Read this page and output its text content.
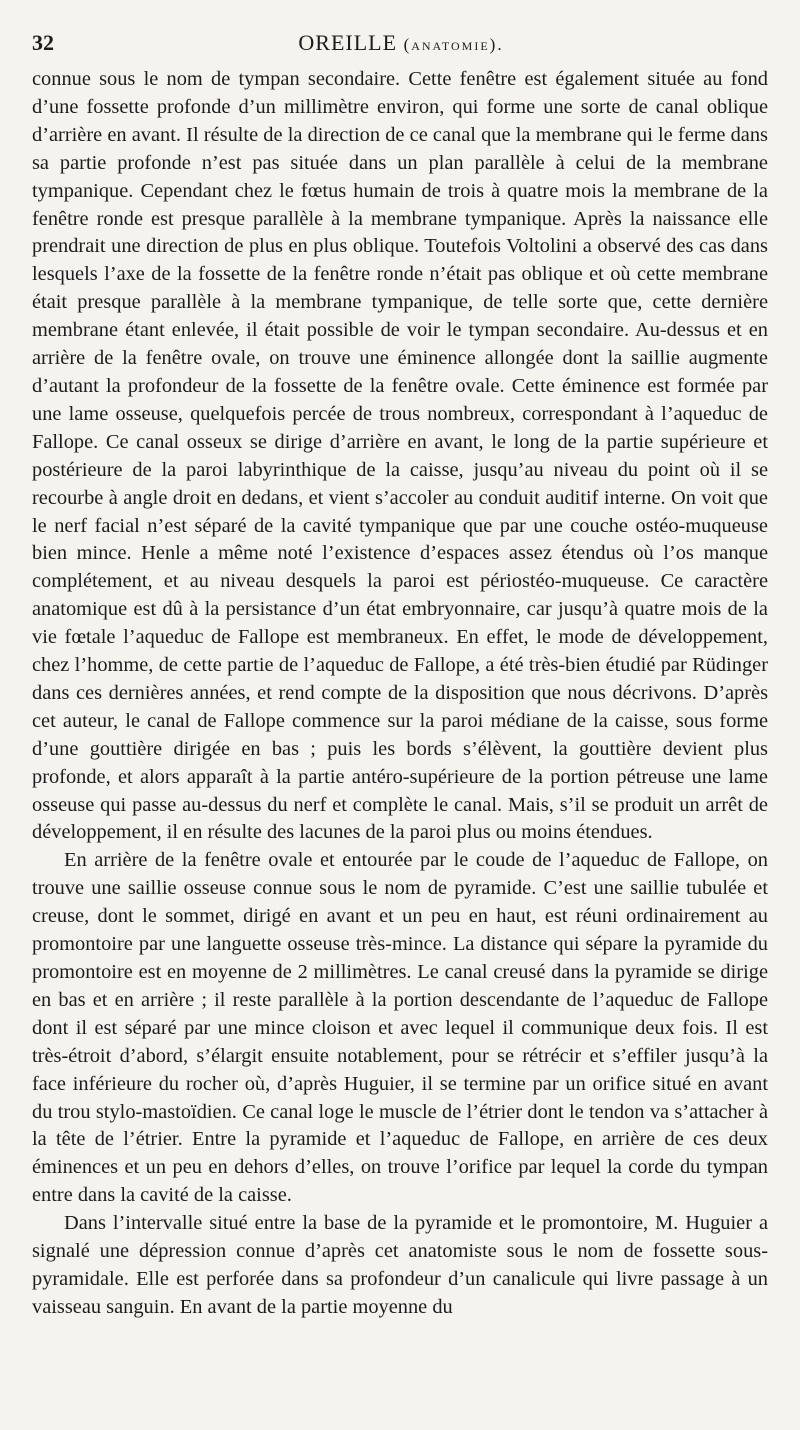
32	OREILLE (anatomie).

connue sous le nom de tympan secondaire. Cette fenêtre est également située au fond d’une fossette profonde d’un millimètre environ, qui forme une sorte de canal oblique d’arrière en avant. Il résulte de la direction de ce canal que la membrane qui le ferme dans sa partie profonde n’est pas située dans un plan parallèle à celui de la membrane tympanique. Cependant chez le fœtus humain de trois à quatre mois la membrane de la fenêtre ronde est presque parallèle à la membrane tympanique. Après la naissance elle prendrait une direction de plus en plus oblique. Toutefois Voltolini a observé des cas dans lesquels l’axe de la fossette de la fenêtre ronde n’était pas oblique et où cette membrane était presque parallèle à la membrane tympanique, de telle sorte que, cette dernière membrane étant enlevée, il était possible de voir le tympan secondaire. Au-dessus et en arrière de la fenêtre ovale, on trouve une éminence allongée dont la saillie augmente d’autant la profondeur de la fossette de la fenêtre ovale. Cette éminence est formée par une lame osseuse, quelquefois percée de trous nombreux, correspondant à l’aqueduc de Fallope. Ce canal osseux se dirige d’arrière en avant, le long de la partie supérieure et postérieure de la paroi labyrinthique de la caisse, jusqu’au niveau du point où il se recourbe à angle droit en dedans, et vient s’accoler au conduit auditif interne. On voit que le nerf facial n’est séparé de la cavité tympanique que par une couche ostéo-muqueuse bien mince. Henle a même noté l’existence d’espaces assez étendus où l’os manque complétement, et au niveau desquels la paroi est périostéo-muqueuse. Ce caractère anatomique est dû à la persistance d’un état embryonnaire, car jusqu’à quatre mois de la vie fœtale l’aqueduc de Fallope est membraneux. En effet, le mode de développement, chez l’homme, de cette partie de l’aqueduc de Fallope, a été très-bien étudié par Rüdinger dans ces dernières années, et rend compte de la disposition que nous décrivons. D’après cet auteur, le canal de Fallope commence sur la paroi médiane de la caisse, sous forme d’une gouttière dirigée en bas ; puis les bords s’élèvent, la gouttière devient plus profonde, et alors apparaît à la partie antéro-supérieure de la portion pétreuse une lame osseuse qui passe au-dessus du nerf et complète le canal. Mais, s’il se produit un arrêt de développement, il en résulte des lacunes de la paroi plus ou moins étendues.

En arrière de la fenêtre ovale et entourée par le coude de l’aqueduc de Fallope, on trouve une saillie osseuse connue sous le nom de pyramide. C’est une saillie tubulée et creuse, dont le sommet, dirigé en avant et un peu en haut, est réuni ordinairement au promontoire par une languette osseuse très-mince. La distance qui sépare la pyramide du promontoire est en moyenne de 2 millimètres. Le canal creusé dans la pyramide se dirige en bas et en arrière ; il reste parallèle à la portion descendante de l’aqueduc de Fallope dont il est séparé par une mince cloison et avec lequel il communique deux fois. Il est très-étroit d’abord, s’élargit ensuite notablement, pour se rétrécir et s’effiler jusqu’à la face inférieure du rocher où, d’après Huguier, il se termine par un orifice situé en avant du trou stylo-mastoïdien. Ce canal loge le muscle de l’étrier dont le tendon va s’attacher à la tête de l’étrier. Entre la pyramide et l’aqueduc de Fallope, en arrière de ces deux éminences et un peu en dehors d’elles, on trouve l’orifice par lequel la corde du tympan entre dans la cavité de la caisse.

Dans l’intervalle situé entre la base de la pyramide et le promontoire, M. Huguier a signalé une dépression connue d’après cet anatomiste sous le nom de fossette sous-pyramidale. Elle est perforée dans sa profondeur d’un canalicule qui livre passage à un vaisseau sanguin. En avant de la partie moyenne du
